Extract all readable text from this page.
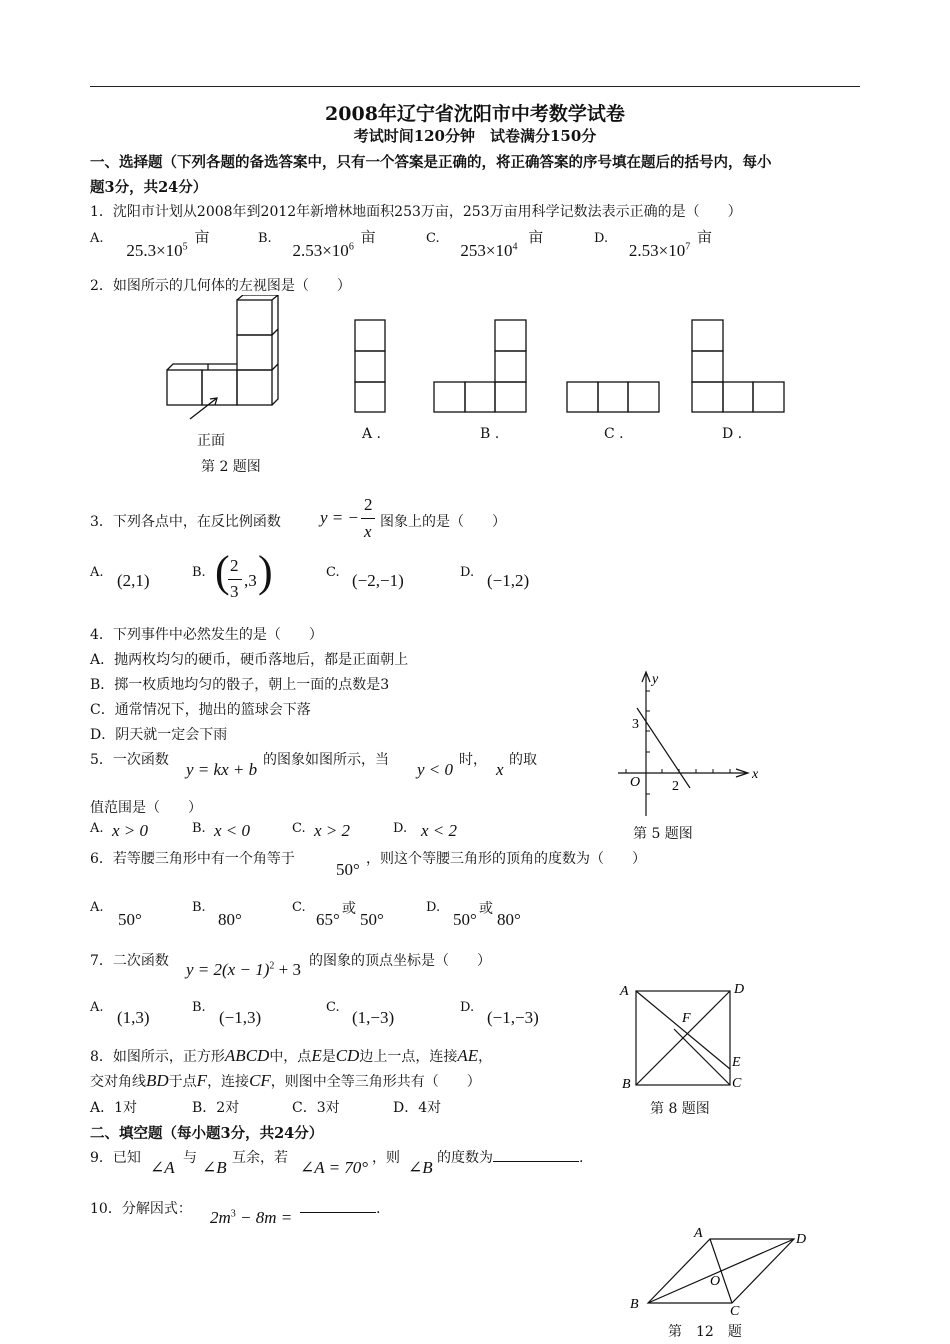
2008年辽宁省沈阳市中考数学试卷
考试时间120分钟　试卷满分150分
一、选择题（下列各题的备选答案中，只有一个答案是正确的，将正确答案的序号填在题后的括号内，每小
题3分，共24分）
1．沈阳市计划从2008年到2012年新增林地面积253万亩，253万亩用科学记数法表示正确的是（　　）
A. $25.3\times 10^5$ 亩	B. $2.53\times 10^6$ 亩	C. $253\times 10^4$ 亩	D. $2.53\times 10^7$ 亩
2．如图所示的几何体的左视图是（　　）
正面
第 2 题图
A .	B .	C .	D .
3．下列各点中，在反比例函数 y = −
2
x 图象上的是（　　）
A. (2,1)	B. ( 2
3
,3 )	C. (−2,−1)	D. (−1,2)
4．下列事件中必然发生的是（　　）
A．抛两枚均匀的硬币，硬币落地后，都是正面朝上
B．掷一枚质地均匀的骰子，朝上一面的点数是3
C．通常情况下，抛出的篮球会下落
D．阴天就一定会下雨
5．一次函数 y = kx + b 的图象如图所示，当 y < 0 时， x 的取
值范围是（　　）
A. x > 0	B. x < 0	C. x > 2	D. x < 2
y
x
O
3
2
第 5 题图
6．若等腰三角形中有一个角等于
50°
，则这个等腰三角形的顶角的度数为（　　）
A.
50°
B.
80°
C.
65°
或
50°
D.
50°
或
80°
7．二次函数 $y = 2(x - 1)^2 + 3$ 的图象的顶点坐标是（　　）
A.
(1,3)
B.
(−1,3)
C.
(1,−3)
D.
(−1,−3)
8．如图所示，正方形ABCD中，点E是CD边上一点，连接AE，
交对角线BD于点F，连接CF，则图中全等三角形共有（　　）
A．1对	B．2对	C．3对	D．4对
A	D
F
E
B	C
第 8 题图
二、填空题（每小题3分，共24分）
9．已知 ∠A 与 ∠B 互余，若 ∠A = 70° ，则 ∠B 的度数为	.
10．分解因式： $2m^3 - 8m$ =	.
A	D
O
B	C
第　12　题
